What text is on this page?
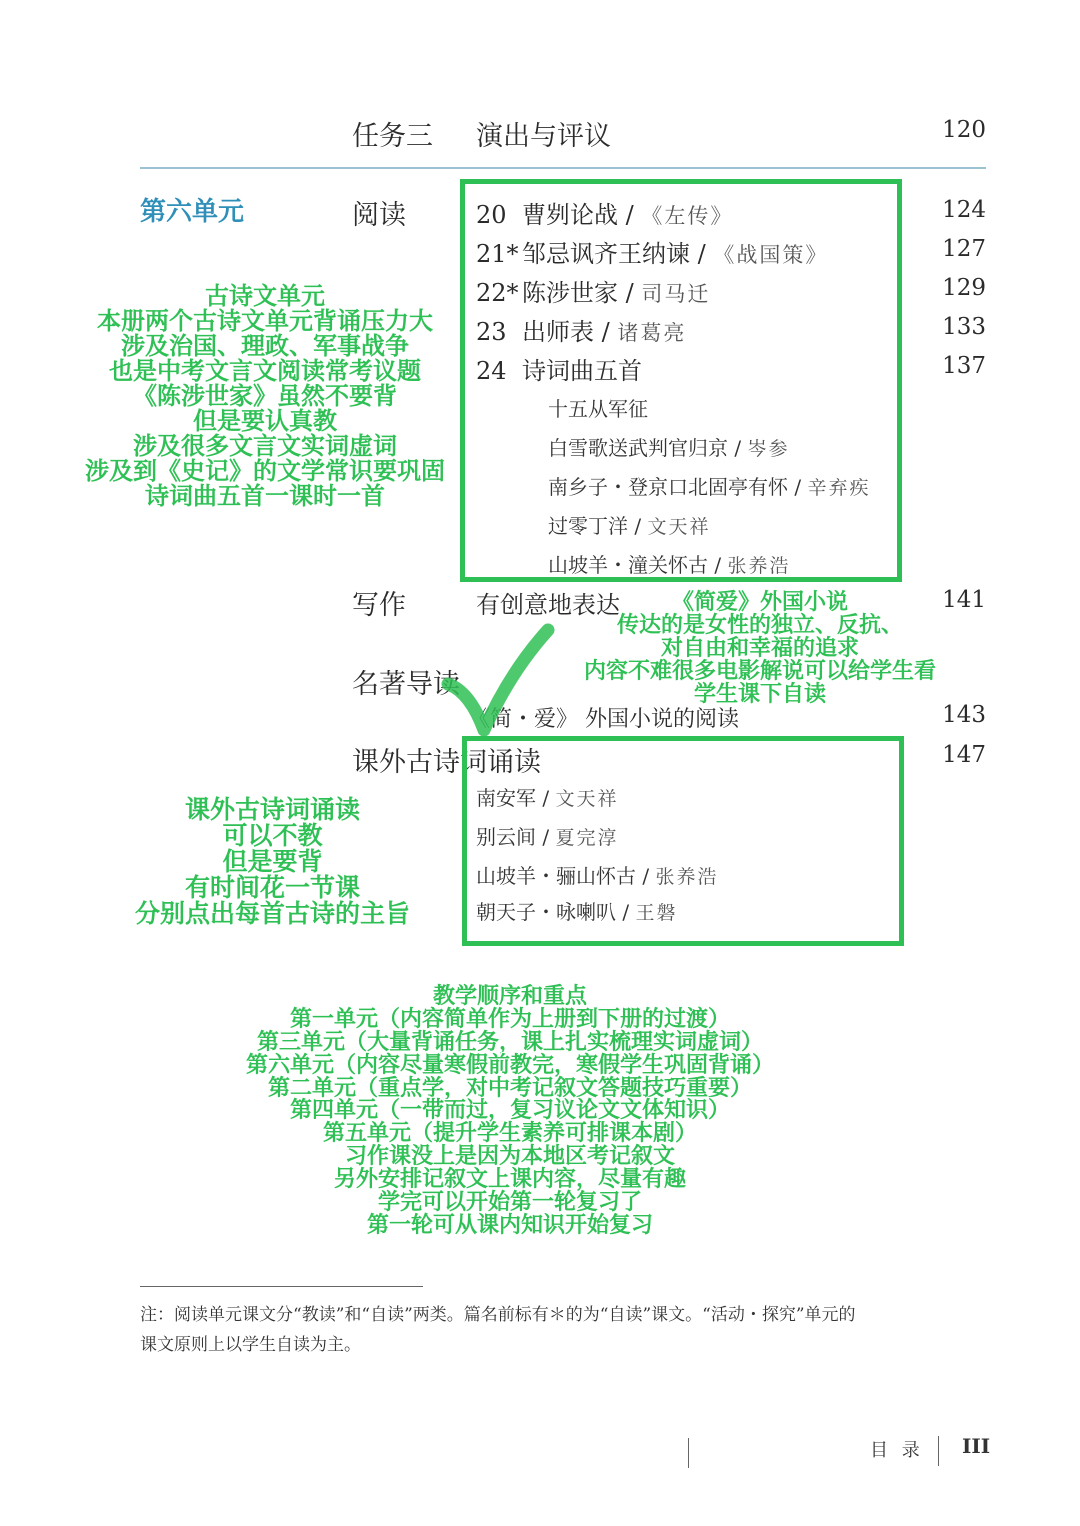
任务三 演出与评议	120
第六单元	阅读	20 曹刿论战 / 《左传》	124
21* 邹忌讽齐王纳谏 / 《战国策》	127
22* 陈涉世家 / 司马迁	129
23 出师表 / 诸葛亮	133
24 诗词曲五首	137
十五从军征
白雪歌送武判官归京 / 岑参
南乡子・登京口北固亭有怀 / 辛弃疾
过零丁洋 / 文天祥
山坡羊・潼关怀古 / 张养浩
写作	有创意地表达	141
名著导读
《简・爱》 外国小说的阅读	143
课外古诗词诵读	147
南安军 / 文天祥
别云间 / 夏完淳
山坡羊・骊山怀古 / 张养浩
朝天子・咏喇叭 / 王磐
古诗文单元
本册两个古诗文单元背诵压力大
涉及治国、理政、军事战争
也是中考文言文阅读常考议题
《陈涉世家》虽然不要背
但是要认真教
涉及很多文言文实词虚词
涉及到《史记》的文学常识要巩固
诗词曲五首一课时一首
《简爱》外国小说
传达的是女性的独立、反抗、
对自由和幸福的追求
内容不难很多电影解说可以给学生看
学生课下自读
课外古诗词诵读
可以不教
但是要背
有时间花一节课
分别点出每首古诗的主旨
教学顺序和重点
第一单元（内容简单作为上册到下册的过渡）
第三单元（大量背诵任务，课上扎实梳理实词虚词）
第六单元（内容尽量寒假前教完，寒假学生巩固背诵）
第二单元（重点学，对中考记叙文答题技巧重要）
第四单元（一带而过，复习议论文文体知识）
第五单元（提升学生素养可排课本剧）
习作课没上是因为本地区考记叙文
另外安排记叙文上课内容，尽量有趣
学完可以开始第一轮复习了
第一轮可从课内知识开始复习
注：阅读单元课文分“教读”和“自读”两类。篇名前标有＊的为“自读”课文。“活动・探究”单元的
课文原则上以学生自读为主。
目 录 III
